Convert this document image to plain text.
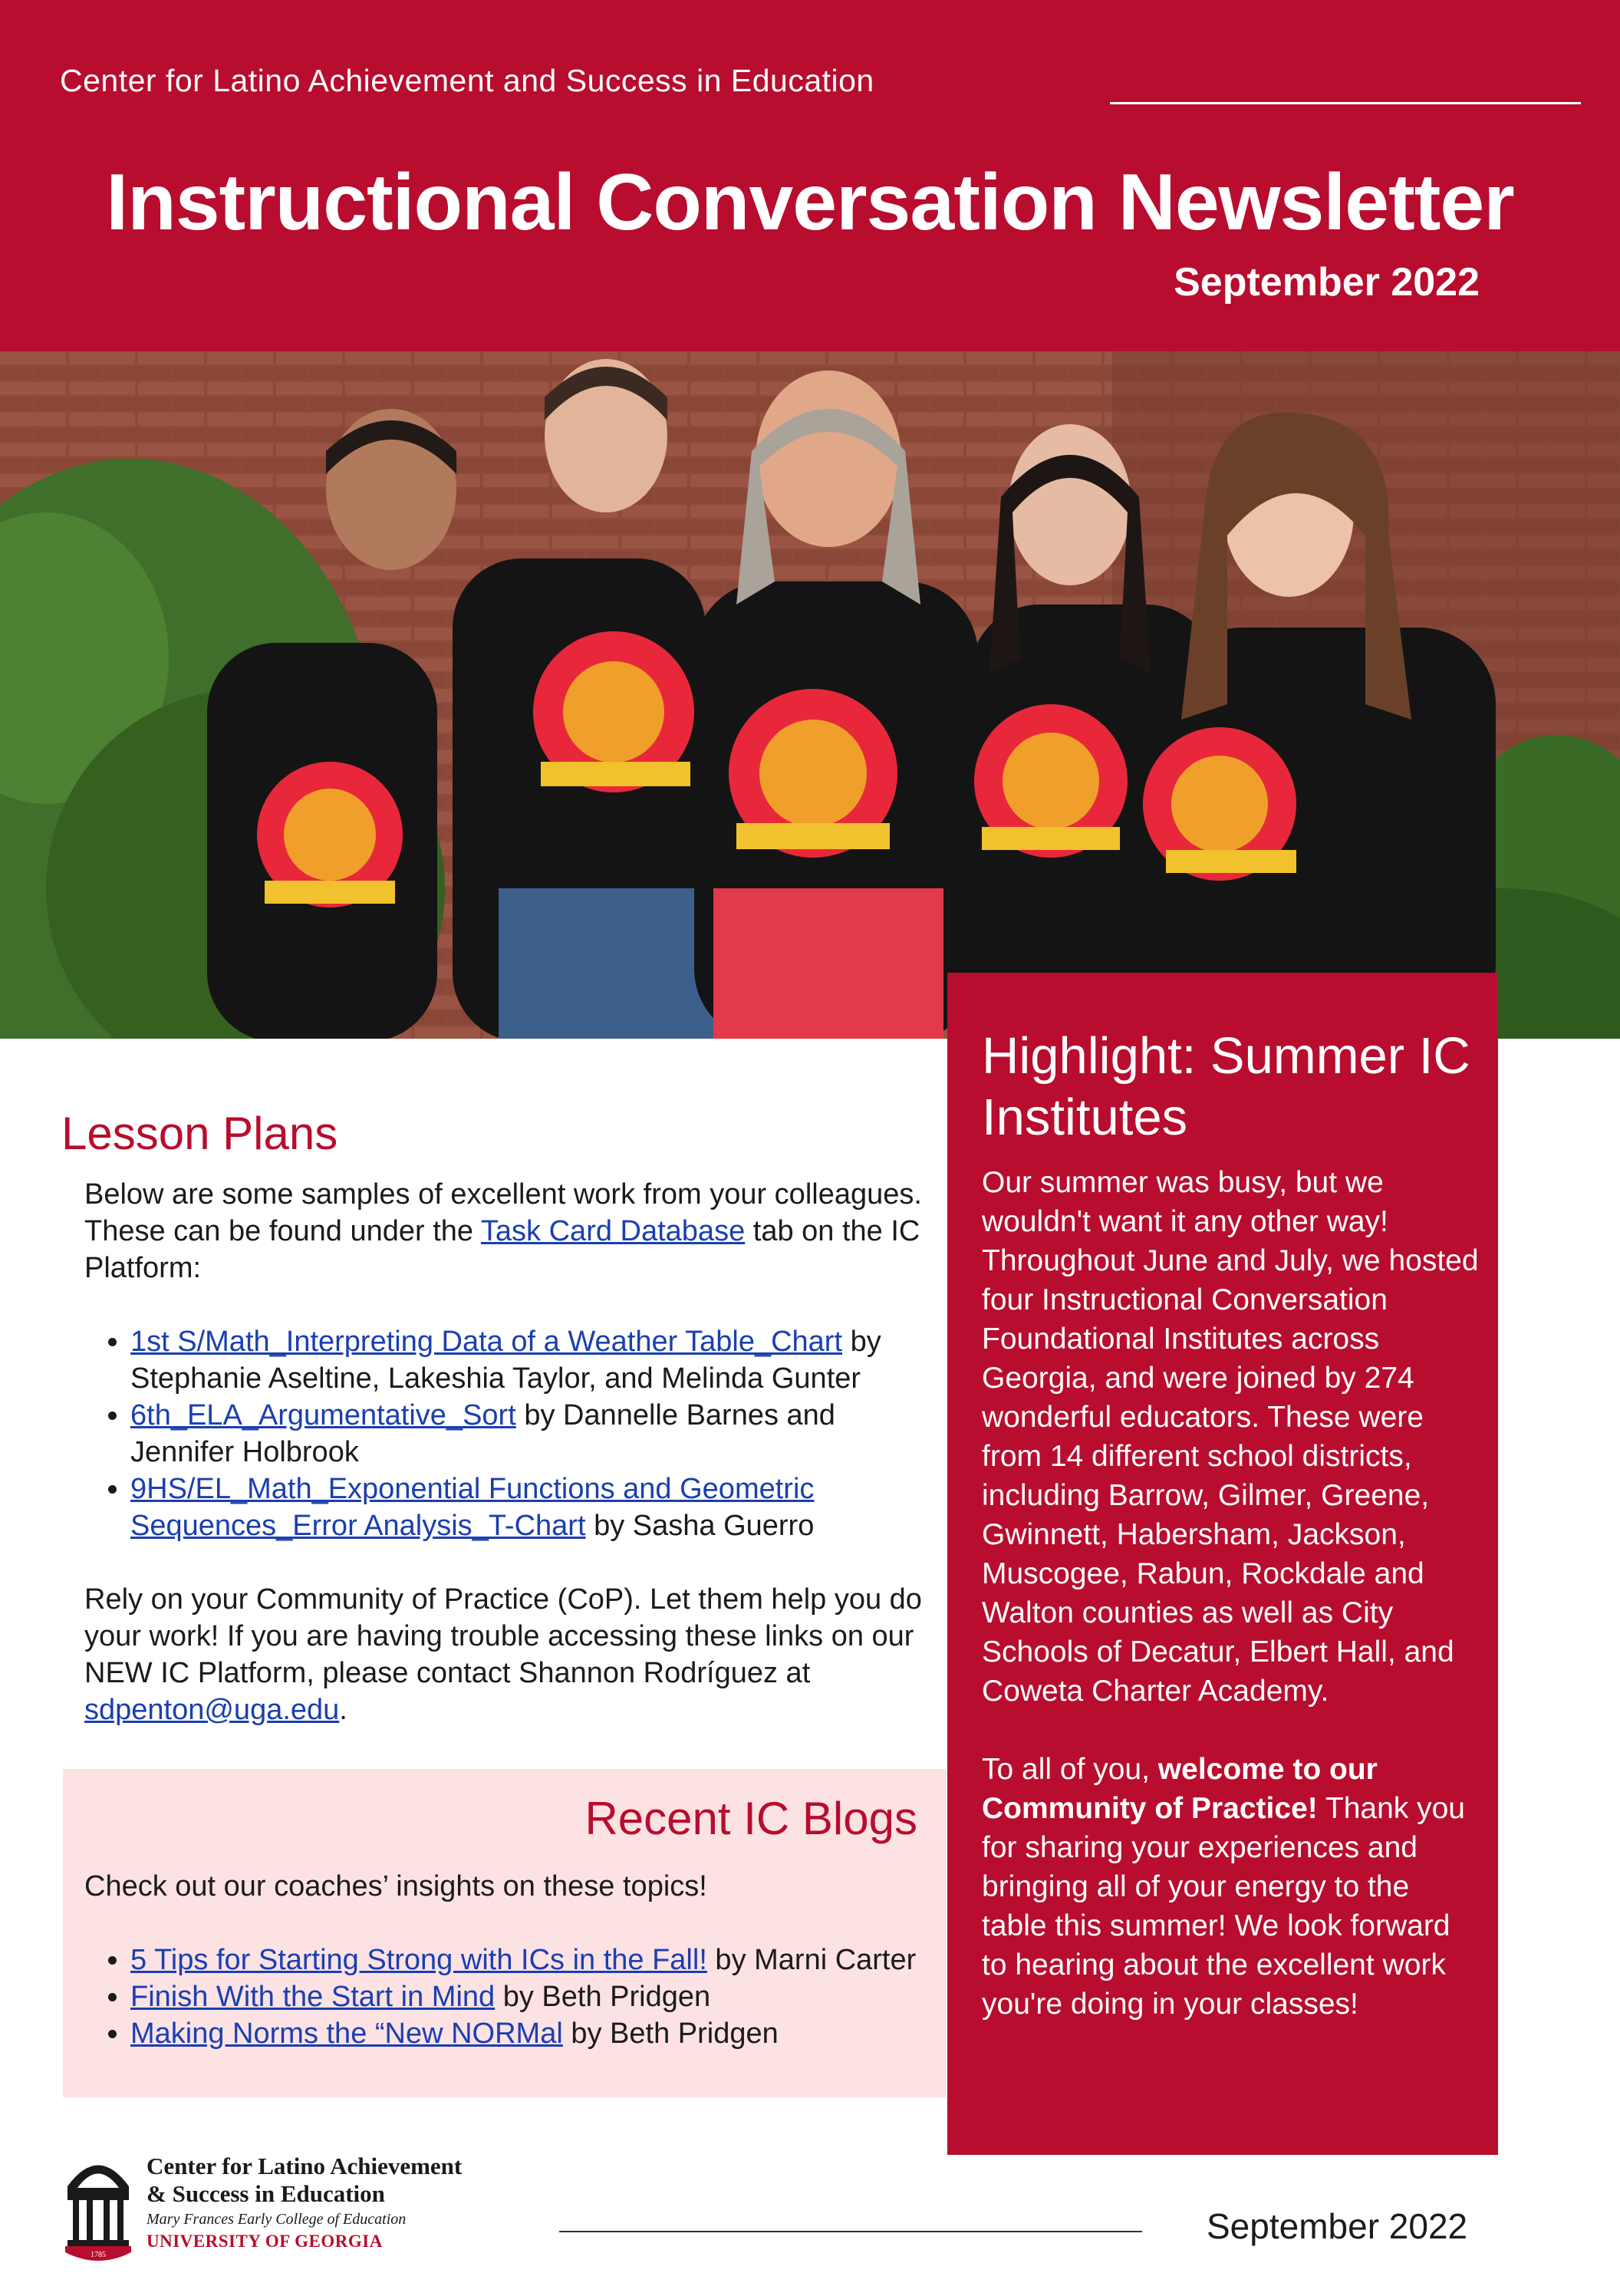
Center for Latino Achievement and Success in Education
Instructional Conversation Newsletter
September 2022
Lesson Plans

Below are some samples of excellent work from your colleagues. These can be found under the Task Card Database tab on the IC Platform:

• 1st S/Math_Interpreting Data of a Weather Table_Chart by Stephanie Aseltine, Lakeshia Taylor, and Melinda Gunter
• 6th_ELA_Argumentative_Sort by Dannelle Barnes and Jennifer Holbrook
• 9HS/EL_Math_Exponential Functions and Geometric Sequences_Error Analysis_T-Chart by Sasha Guerro

Rely on your Community of Practice (CoP). Let them help you do your work! If you are having trouble accessing these links on our NEW IC Platform, please contact Shannon Rodríguez at sdpenton@uga.edu.

Recent IC Blogs
Check out our coaches’ insights on these topics!
• 5 Tips for Starting Strong with ICs in the Fall! by Marni Carter
• Finish With the Start in Mind by Beth Pridgen
• Making Norms the “New NORMal by Beth Pridgen
Highlight: Summer IC Institutes

Our summer was busy, but we wouldn't want it any other way! Throughout June and July, we hosted four Instructional Conversation Foundational Institutes across Georgia, and were joined by 274 wonderful educators. These were from 14 different school districts, including Barrow, Gilmer, Greene, Gwinnett, Habersham, Jackson, Muscogee, Rabun, Rockdale and Walton counties as well as City Schools of Decatur, Elbert Hall, and Coweta Charter Academy.

To all of you, welcome to our Community of Practice! Thank you for sharing your experiences and bringing all of your energy to the table this summer! We look forward to hearing about the excellent work you're doing in your classes!

1785
Center for Latino Achievement
& Success in Education
Mary Frances Early College of Education
UNIVERSITY OF GEORGIA	September 2022
